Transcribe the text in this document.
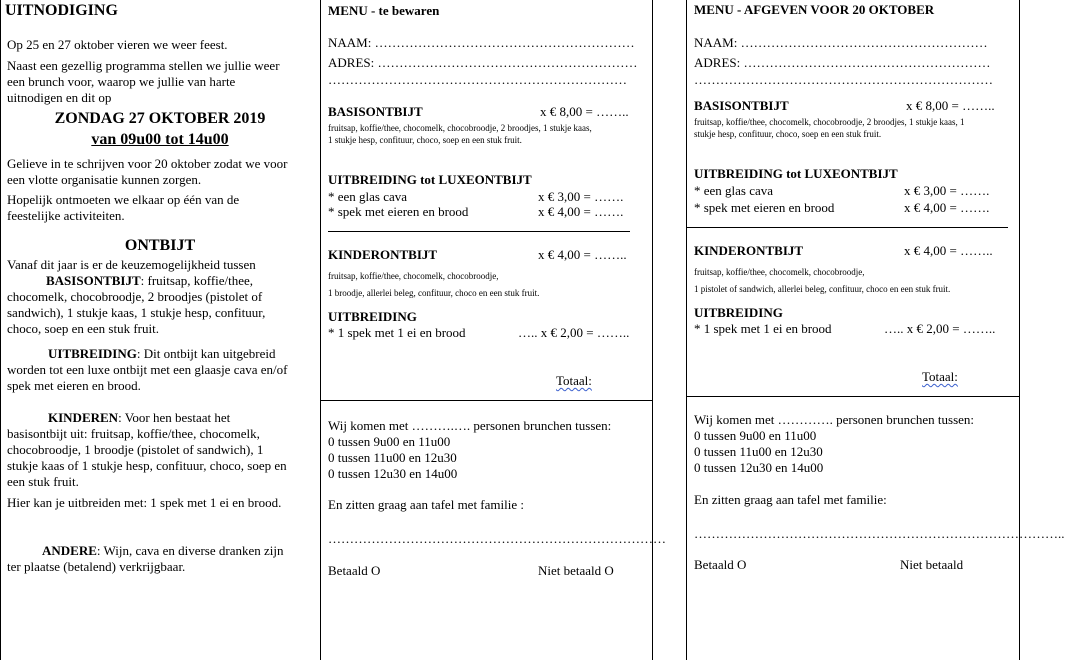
UITNODIGING
Op 25 en 27 oktober vieren we weer feest.
Naast een gezellig programma stellen we jullie weer
een brunch voor, waarop we jullie van harte
uitnodigen en dit op
ZONDAG 27 OKTOBER 2019
van 09u00 tot 14u00
Gelieve in te schrijven voor 20 oktober zodat we voor
een vlotte organisatie kunnen zorgen.
Hopelijk ontmoeten we elkaar op één van de
feestelijke activiteiten.
ONTBIJT
Vanaf dit jaar is er de keuzemogelijkheid tussen
BASISONTBIJT: fruitsap, koffie/thee,
chocomelk, chocobroodje, 2 broodjes (pistolet of
sandwich), 1 stukje kaas, 1 stukje hesp, confituur,
choco, soep en een stuk fruit.
UITBREIDING: Dit ontbijt kan uitgebreid
worden tot een luxe ontbijt met een glaasje cava en/of
spek met eieren en brood.
KINDEREN: Voor hen bestaat het
basisontbijt uit: fruitsap, koffie/thee, chocomelk,
chocobroodje, 1 broodje (pistolet of sandwich), 1
stukje kaas of 1 stukje hesp, confituur, choco, soep en
een stuk fruit.
Hier kan je uitbreiden met: 1 spek met 1 ei en brood.
ANDERE: Wijn, cava en diverse dranken zijn
ter plaatse (betalend) verkrijgbaar.
MENU - te bewaren
NAAM: ……………………………………………………
ADRES: ……………………………………………………
……………………………………………………………
BASISONTBIJT	x € 8,00 = ……..
fruitsap, koffie/thee, chocomelk, chocobroodje, 2 broodjes, 1 stukje kaas,
1 stukje hesp, confituur, choco, soep en een stuk fruit.
UITBREIDING tot LUXEONTBIJT
* een glas cava	x € 3,00 = …….
* spek met eieren en brood	x € 4,00 = …….
KINDERONTBIJT	x € 4,00 = ……..
fruitsap, koffie/thee, chocomelk, chocobroodje,
1 broodje, allerlei beleg, confituur, choco en een stuk fruit.
UITBREIDING
* 1 spek met 1 ei en brood	….. x € 2,00 = ……..
Totaal:
Wij komen met ……….…. personen brunchen tussen:
0 tussen 9u00 en 11u00
0 tussen 11u00 en 12u30
0 tussen 12u30 en 14u00
En zitten graag aan tafel met familie :
……………………………………………………………………
Betaald O	Niet betaald O
MENU - AFGEVEN VOOR 20 OKTOBER
NAAM: …………………………………………………
ADRES: …………………………………………………
……………………………………………………………
BASISONTBIJT	x € 8,00 = ……..
fruitsap, koffie/thee, chocomelk, chocobroodje, 2 broodjes, 1 stukje kaas, 1
stukje hesp, confituur, choco, soep en een stuk fruit.
UITBREIDING tot LUXEONTBIJT
* een glas cava	x € 3,00 = …….
* spek met eieren en brood	x € 4,00 = …….
KINDERONTBIJT	x € 4,00 = ……..
fruitsap, koffie/thee, chocomelk, chocobroodje,
1 pistolet of sandwich, allerlei beleg, confituur, choco en een stuk fruit.
UITBREIDING
* 1 spek met 1 ei en brood	….. x € 2,00 = ……..
Totaal:
Wij komen met …………. personen brunchen tussen:
0 tussen 9u00 en 11u00
0 tussen 11u00 en 12u30
0 tussen 12u30 en 14u00
En zitten graag aan tafel met familie:
…………………………………………………………………………..
Betaald O	Niet betaald
